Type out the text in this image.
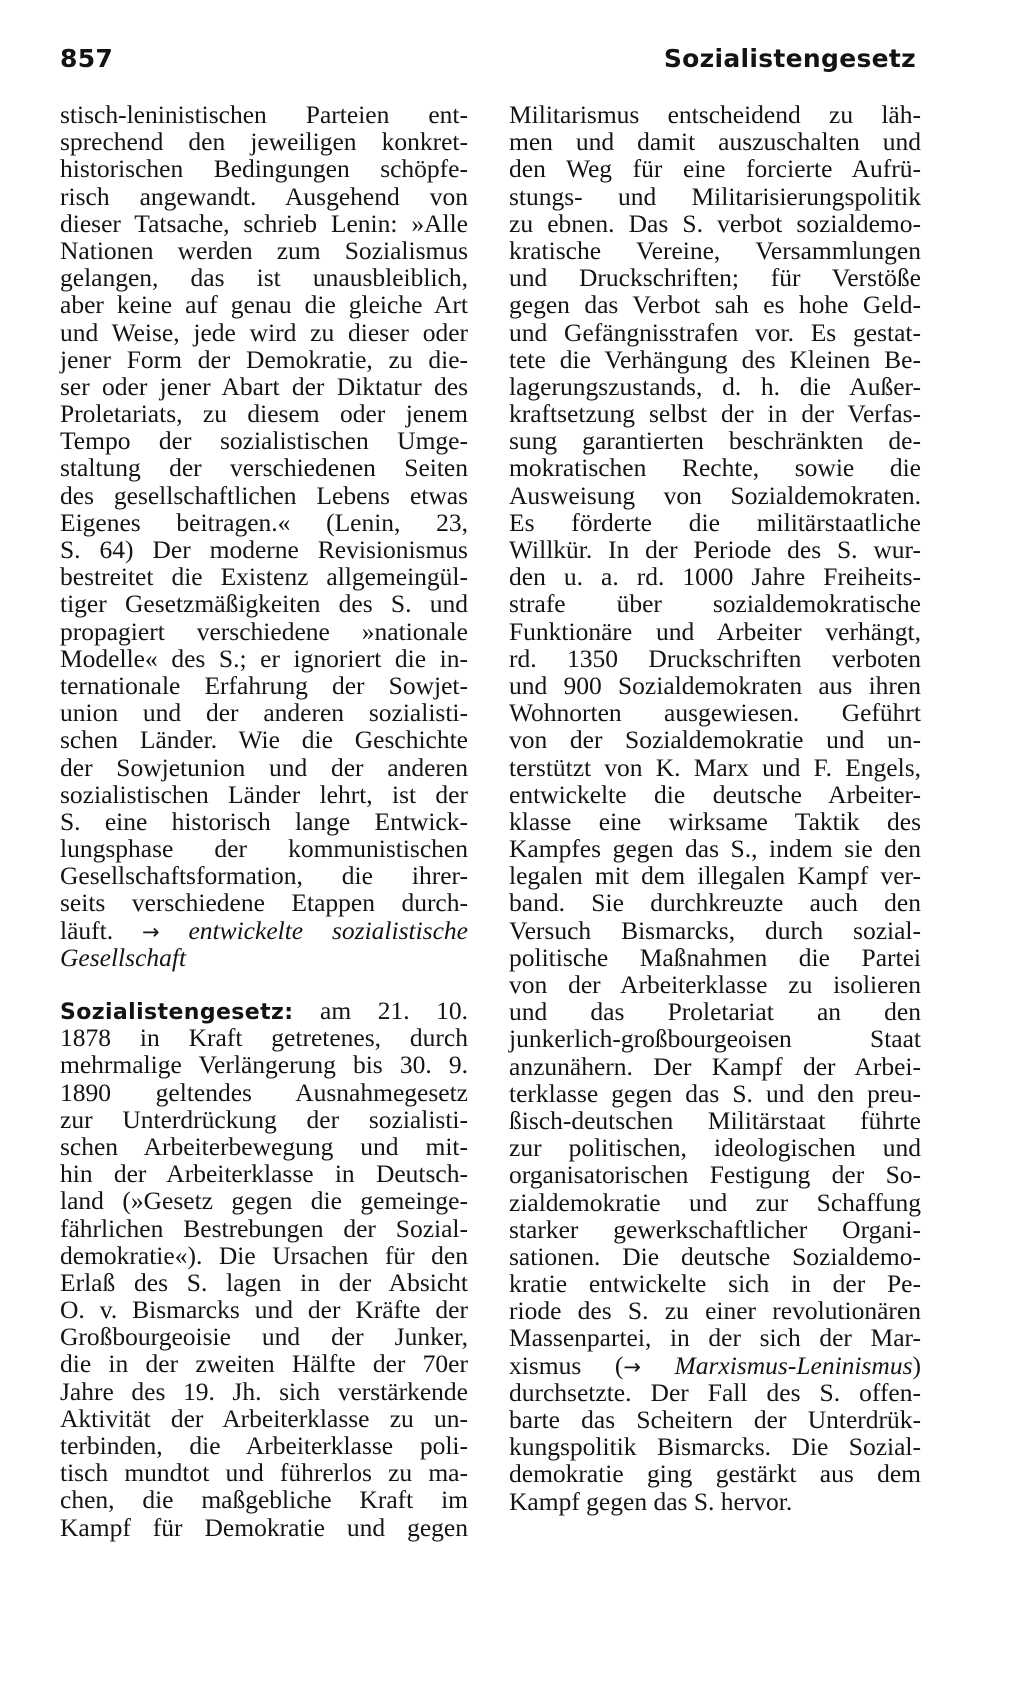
857	Sozialistengesetz
stisch-leninistischen Parteien ent-
sprechend den jeweiligen konkret-
historischen Bedingungen schöpfe-
risch angewandt. Ausgehend von
dieser Tatsache, schrieb Lenin: »Alle
Nationen werden zum Sozialismus
gelangen, das ist unausbleiblich,
aber keine auf genau die gleiche Art
und Weise, jede wird zu dieser oder
jener Form der Demokratie, zu die-
ser oder jener Abart der Diktatur des
Proletariats, zu diesem oder jenem
Tempo der sozialistischen Umge-
staltung der verschiedenen Seiten
des gesellschaftlichen Lebens etwas
Eigenes beitragen.« (Lenin, 23,
S. 64) Der moderne Revisionismus
bestreitet die Existenz allgemeingül-
tiger Gesetzmäßigkeiten des S. und
propagiert verschiedene »nationale
Modelle« des S.; er ignoriert die in-
ternationale Erfahrung der Sowjet-
union und der anderen sozialisti-
schen Länder. Wie die Geschichte
der Sowjetunion und der anderen
sozialistischen Länder lehrt, ist der
S. eine historisch lange Entwick-
lungsphase der kommunistischen
Gesellschaftsformation, die ihrer-
seits verschiedene Etappen durch-
läuft. → entwickelte sozialistische
Gesellschaft
Sozialistengesetz: am 21. 10.
1878 in Kraft getretenes, durch
mehrmalige Verlängerung bis 30. 9.
1890 geltendes Ausnahmegesetz
zur Unterdrückung der sozialisti-
schen Arbeiterbewegung und mit-
hin der Arbeiterklasse in Deutsch-
land (»Gesetz gegen die gemeinge-
fährlichen Bestrebungen der Sozial-
demokratie«). Die Ursachen für den
Erlaß des S. lagen in der Absicht
O. v. Bismarcks und der Kräfte der
Großbourgeoisie und der Junker,
die in der zweiten Hälfte der 70er
Jahre des 19. Jh. sich verstärkende
Aktivität der Arbeiterklasse zu un-
terbinden, die Arbeiterklasse poli-
tisch mundtot und führerlos zu ma-
chen, die maßgebliche Kraft im
Kampf für Demokratie und gegen
Militarismus entscheidend zu läh-
men und damit auszuschalten und
den Weg für eine forcierte Aufrü-
stungs- und Militarisierungspolitik
zu ebnen. Das S. verbot sozialdemo-
kratische Vereine, Versammlungen
und Druckschriften; für Verstöße
gegen das Verbot sah es hohe Geld-
und Gefängnisstrafen vor. Es gestat-
tete die Verhängung des Kleinen Be-
lagerungszustands, d. h. die Außer-
kraftsetzung selbst der in der Verfas-
sung garantierten beschränkten de-
mokratischen Rechte, sowie die
Ausweisung von Sozialdemokraten.
Es förderte die militärstaatliche
Willkür. In der Periode des S. wur-
den u. a. rd. 1000 Jahre Freiheits-
strafe über sozialdemokratische
Funktionäre und Arbeiter verhängt,
rd. 1350 Druckschriften verboten
und 900 Sozialdemokraten aus ihren
Wohnorten ausgewiesen. Geführt
von der Sozialdemokratie und un-
terstützt von K. Marx und F. Engels,
entwickelte die deutsche Arbeiter-
klasse eine wirksame Taktik des
Kampfes gegen das S., indem sie den
legalen mit dem illegalen Kampf ver-
band. Sie durchkreuzte auch den
Versuch Bismarcks, durch sozial-
politische Maßnahmen die Partei
von der Arbeiterklasse zu isolieren
und das Proletariat an den
junkerlich-großbourgeoisen Staat
anzunähern. Der Kampf der Arbei-
terklasse gegen das S. und den preu-
ßisch-deutschen Militärstaat führte
zur politischen, ideologischen und
organisatorischen Festigung der So-
zialdemokratie und zur Schaffung
starker gewerkschaftlicher Organi-
sationen. Die deutsche Sozialdemo-
kratie entwickelte sich in der Pe-
riode des S. zu einer revolutionären
Massenpartei, in der sich der Mar-
xismus (→ Marxismus-Leninismus)
durchsetzte. Der Fall des S. offen-
barte das Scheitern der Unterdrük-
kungspolitik Bismarcks. Die Sozial-
demokratie ging gestärkt aus dem
Kampf gegen das S. hervor.
